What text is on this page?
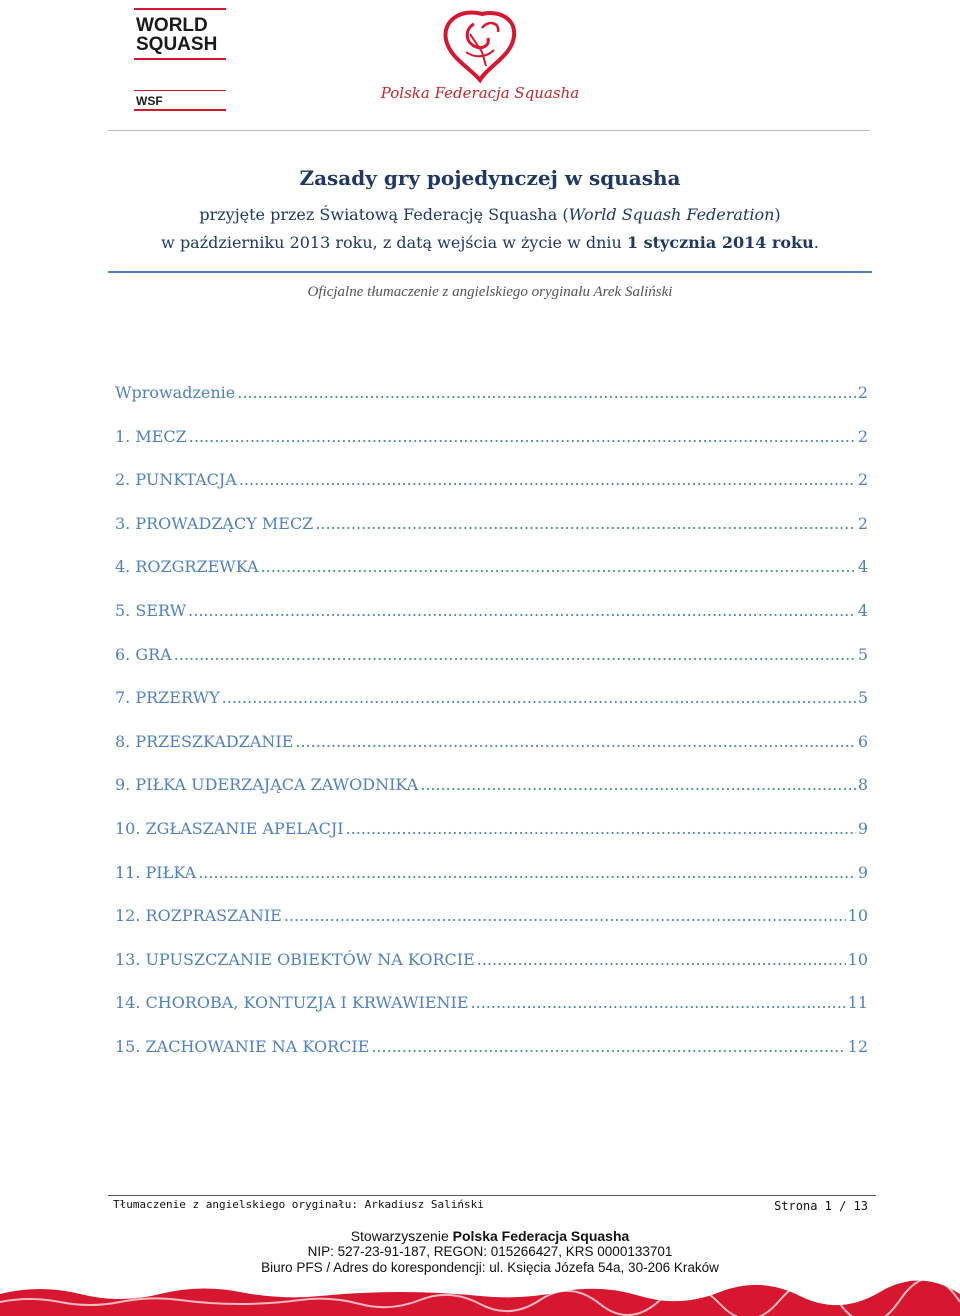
WORLD
SQUASH
WSF	Polska Federacja Squasha
Zasady gry pojedynczej w squasha
przyjęte przez Światową Federację Squasha (World Squash Federation)
w październiku 2013 roku, z datą wejścia w życie w dniu 1 stycznia 2014 roku.
Oficjalne tłumaczenie z angielskiego oryginału Arek Saliński
Wprowadzenie .....	2
1. MECZ .....	2
2. PUNKTACJA .....	2
3. PROWADZĄCY MECZ .....	2
4. ROZGRZEWKA .....	4
5. SERW .....	4
6. GRA .....	5
7. PRZERWY .....	5
8. PRZESZKADZANIE .....	6
9. PIŁKA UDERZAJĄCA ZAWODNIKA .....	8
10. ZGŁASZANIE APELACJI .....	9
11. PIŁKA .....	9
12. ROZPRASZANIE .....	10
13. UPUSZCZANIE OBIEKTÓW NA KORCIE .....	10
14. CHOROBA, KONTUZJA I KRWAWIENIE .....	11
15. ZACHOWANIE NA KORCIE .....	12
Tłumaczenie z angielskiego oryginału: Arkadiusz Saliński	Strona 1 / 13
Stowarzyszenie Polska Federacja Squasha
NIP: 527-23-91-187, REGON: 015266427, KRS 0000133701
Biuro PFS / Adres do korespondencji: ul. Księcia Józefa 54a, 30-206 Kraków
